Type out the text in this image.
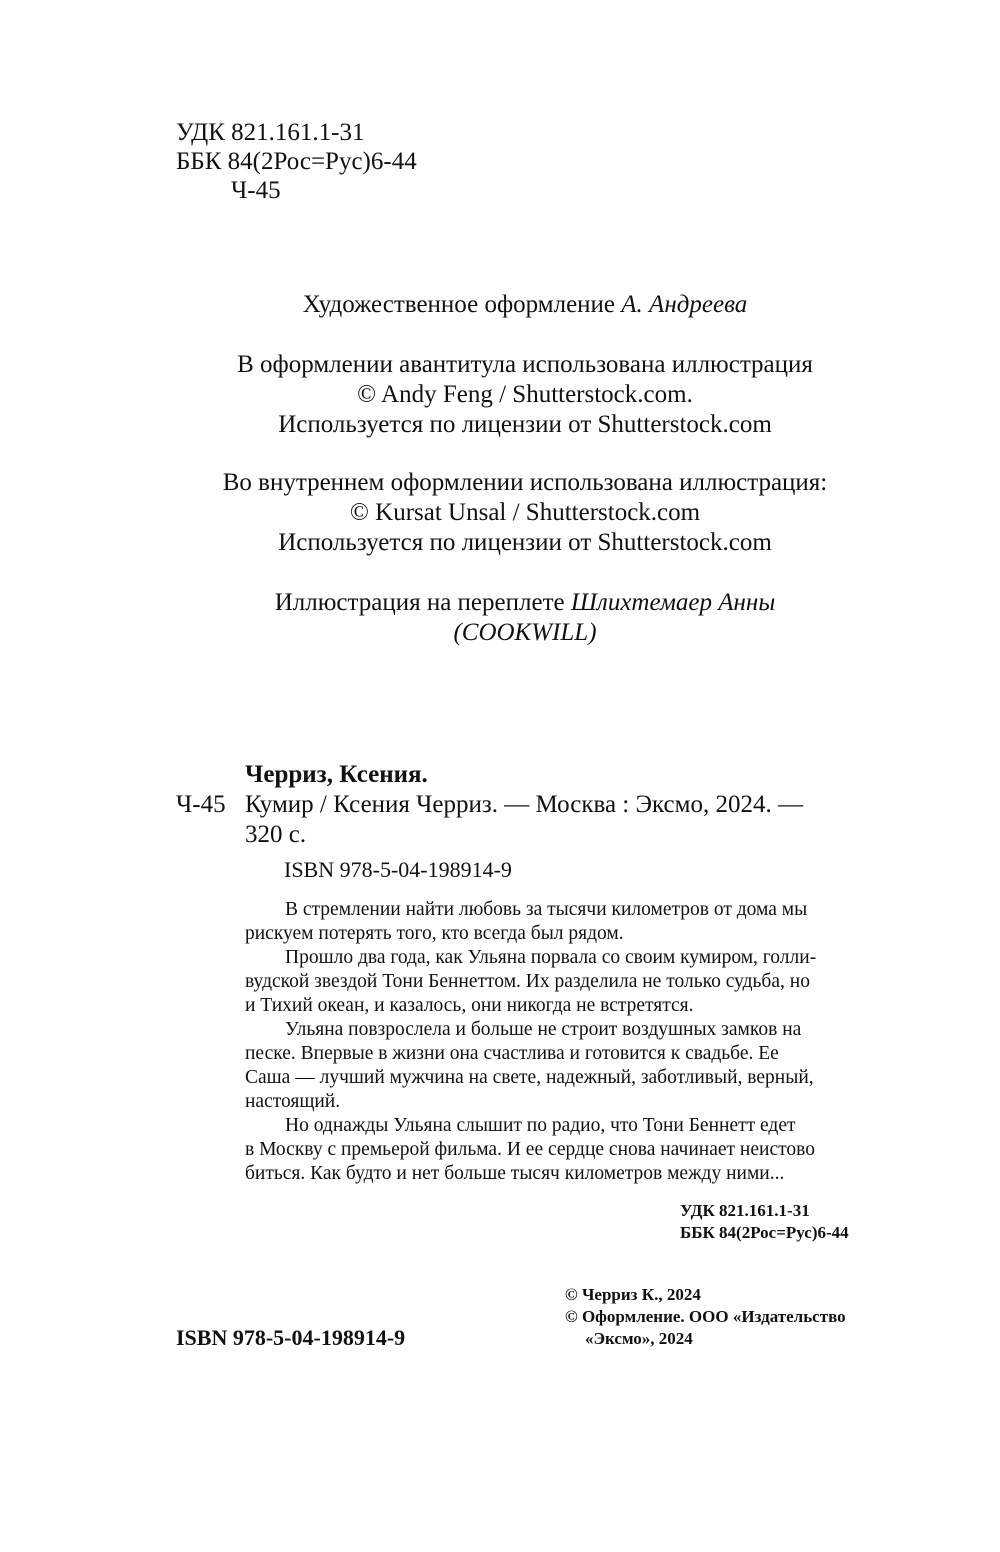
УДК 821.161.1-31
ББК 84(2Рос=Рус)6-44
Ч-45

Художественное оформление А. Андреева

В оформлении авантитула использована иллюстрация

© Andy Feng / Shutterstock.com.

Используется по лицензии от Shutterstock.com

Во внутреннем оформлении использована иллюстрация:

© Kursat Unsal / Shutterstock.com

Используется по лицензии от Shutterstock.com

Иллюстрация на переплете Шлихтемаер Анны

(COOKWILL)

Черриз, Ксения.
Ч-45 Кумир / Ксения Черриз. — Москва : Эксмо, 2024. —
320 с.
ISBN 978-5-04-198914-9

В стремлении найти любовь за тысячи километров от дома мы

рискуем потерять того, кто всегда был рядом.

Прошло два года, как Ульяна порвала со своим кумиром, голли-

вудской звездой Тони Беннеттом. Их разделила не только судьба, но

и Тихий океан, и казалось, они никогда не встретятся.

Ульяна повзрослела и больше не строит воздушных замков на

песке. Впервые в жизни она счастлива и готовится к свадьбе. Ее

Саша — лучший мужчина на свете, надежный, заботливый, верный,

настоящий.

Но однажды Ульяна слышит по радио, что Тони Беннетт едет

в Москву с премьерой фильма. И ее сердце снова начинает неистово

биться. Как будто и нет больше тысяч километров между ними...

УДК 821.161.1-31
ББК 84(2Рос=Рус)6-44
© Черриз К., 2024
© Оформление. ООО «Издательство
«Эксмо», 2024
ISBN 978-5-04-198914-9
